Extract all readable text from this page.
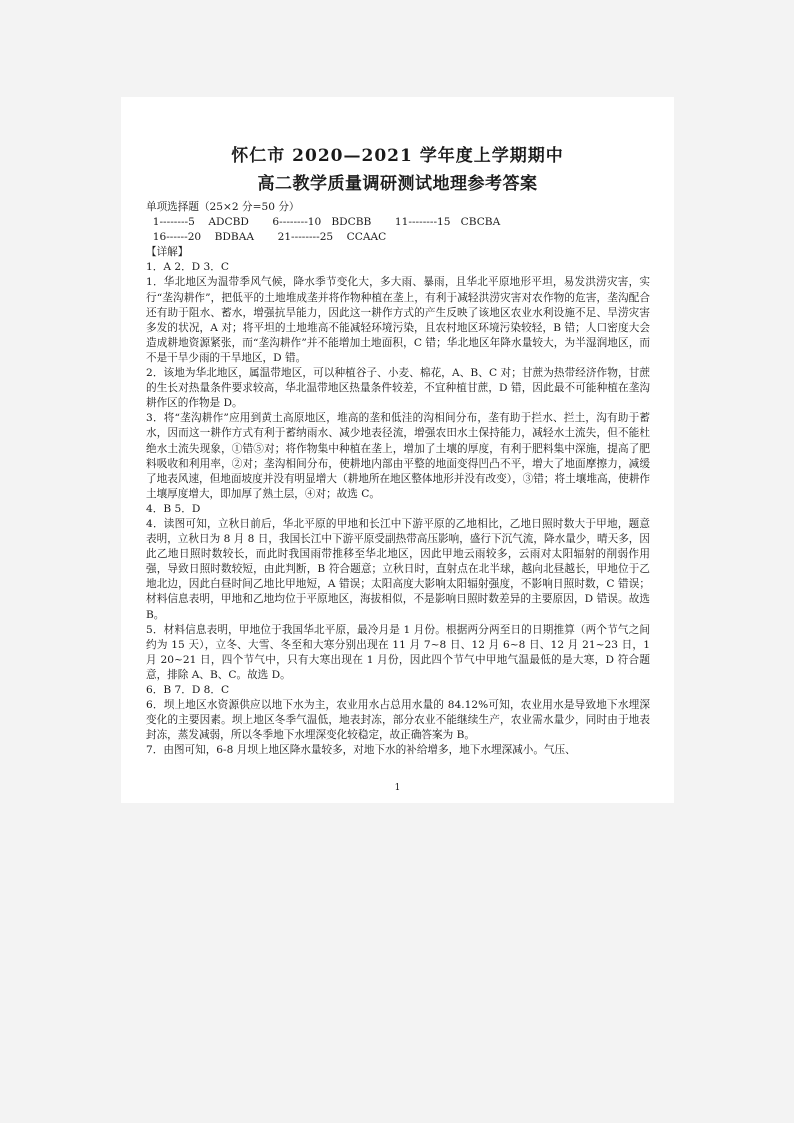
怀仁市 2020—2021 学年度上学期期中
高二教学质量调研测试地理参考答案
单项选择题（25×2 分=50 分）
1--------5    ADCBD       6--------10   BDCBB       11--------15   CBCBA
16------20    BDBAA       21--------25    CCAAC
【详解】
1．A 2．D 3．C
1．华北地区为温带季风气候，降水季节变化大，多大雨、暴雨，且华北平原地形平坦，易发洪涝灾害，实行“垄沟耕作”，把低平的土地堆成垄并将作物种植在垄上，有利于减轻洪涝灾害对农作物的危害，垄沟配合还有助于阻水、蓄水，增强抗旱能力，因此这一耕作方式的产生反映了该地区农业水利设施不足、旱涝灾害多发的状况，A 对；将平坦的土地堆高不能减轻环境污染，且农村地区环境污染较轻，B 错；人口密度大会造成耕地资源紧张，而“垄沟耕作”并不能增加土地面积，C 错；华北地区年降水量较大，为半湿润地区，而不是干旱少雨的干旱地区，D 错。
2．该地为华北地区，属温带地区，可以种植谷子、小麦、棉花，A、B、C 对；甘蔗为热带经济作物，甘蔗的生长对热量条件要求较高，华北温带地区热量条件较差，不宜种植甘蔗，D 错，因此最不可能种植在垄沟耕作区的作物是 D。
3．将“垄沟耕作”应用到黄土高原地区，堆高的垄和低洼的沟相间分布，垄有助于拦水、拦土，沟有助于蓄水，因而这一耕作方式有利于蓄纳雨水、减少地表径流，增强农田水土保持能力，减轻水土流失，但不能杜绝水土流失现象，①错⑤对；将作物集中种植在垄上，增加了土壤的厚度，有利于肥料集中深施，提高了肥料吸收和利用率，②对；垄沟相间分布，使耕地内部由平整的地面变得凹凸不平，增大了地面摩擦力，减缓了地表风速，但地面坡度并没有明显增大（耕地所在地区整体地形并没有改变），③错；将土壤堆高，使耕作土壤厚度增大，即加厚了熟土层，④对；故选 C。
4．B 5．D
4．读图可知，立秋日前后，华北平原的甲地和长江中下游平原的乙地相比，乙地日照时数大于甲地，题意表明，立秋日为 8 月 8 日，我国长江中下游平原受副热带高压影响，盛行下沉气流，降水量少，晴天多，因此乙地日照时数较长，而此时我国雨带推移至华北地区，因此甲地云雨较多，云雨对太阳辐射的削弱作用强，导致日照时数较短，由此判断，B 符合题意；立秋日时，直射点在北半球，越向北昼越长，甲地位于乙地北边，因此白昼时间乙地比甲地短，A 错误；太阳高度大影响太阳辐射强度，不影响日照时数，C 错误；材料信息表明，甲地和乙地均位于平原地区，海拔相似，不是影响日照时数差异的主要原因，D 错误。故选 B。
5．材料信息表明，甲地位于我国华北平原，最冷月是 1 月份。根据两分两至日的日期推算（两个节气之间约为 15 天），立冬、大雪、冬至和大寒分别出现在 11 月 7~8 日、12 月 6~8 日、12 月 21~23 日，1 月 20~21 日，四个节气中，只有大寒出现在 1 月份，因此四个节气中甲地气温最低的是大寒，D 符合题意，排除 A、B、C。故选 D。
6．B 7．D 8．C
6．坝上地区水资源供应以地下水为主，农业用水占总用水量的 84.12%可知，农业用水是导致地下水埋深变化的主要因素。坝上地区冬季气温低，地表封冻，部分农业不能继续生产，农业需水量少，同时由于地表封冻，蒸发减弱，所以冬季地下水埋深变化较稳定，故正确答案为 B。
7．由图可知，6-8 月坝上地区降水量较多，对地下水的补给增多，地下水埋深减小。气压、
1
